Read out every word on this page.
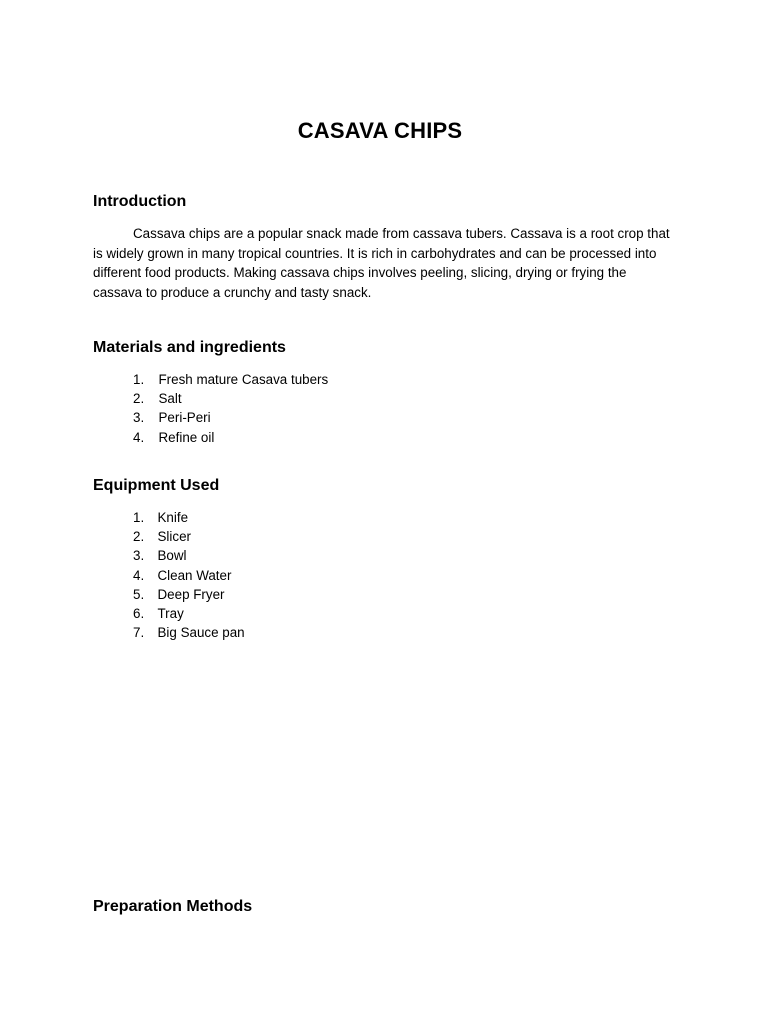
CASAVA CHIPS
Introduction

Cassava chips are a popular snack made from cassava tubers. Cassava is a root crop that is widely grown in many tropical countries. It is rich in carbohydrates and can be processed into different food products. Making cassava chips involves peeling, slicing, drying or frying the cassava to produce a crunchy and tasty snack.

Materials and ingredients
1.	Fresh mature Casava tubers
2.	Salt
3.	Peri-Peri
4.	Refine oil
Equipment Used
1. Knife
2. Slicer
3. Bowl
4. Clean Water
5. Deep Fryer
6. Tray
7. Big Sauce pan
Preparation Methods
